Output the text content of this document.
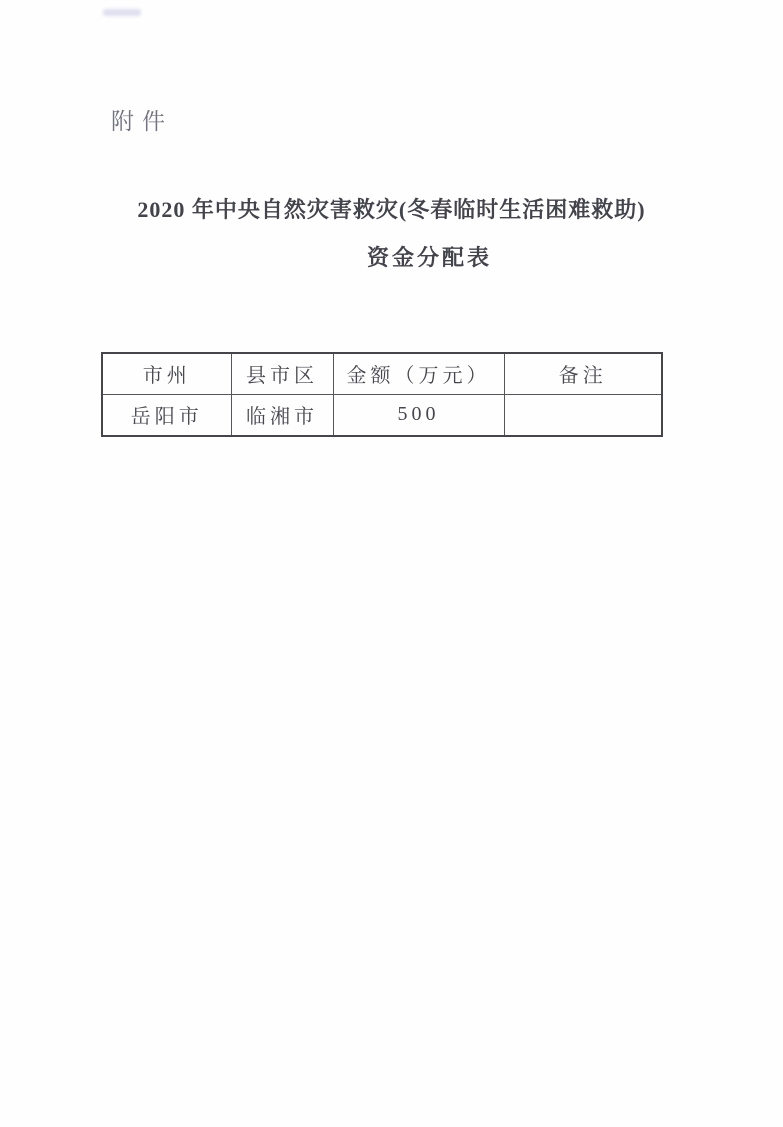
附件
2020 年中央自然灾害救灾(冬春临时生活困难救助)
资金分配表
市州	县市区	金额（万元）	备注
岳阳市	临湘市	500	
